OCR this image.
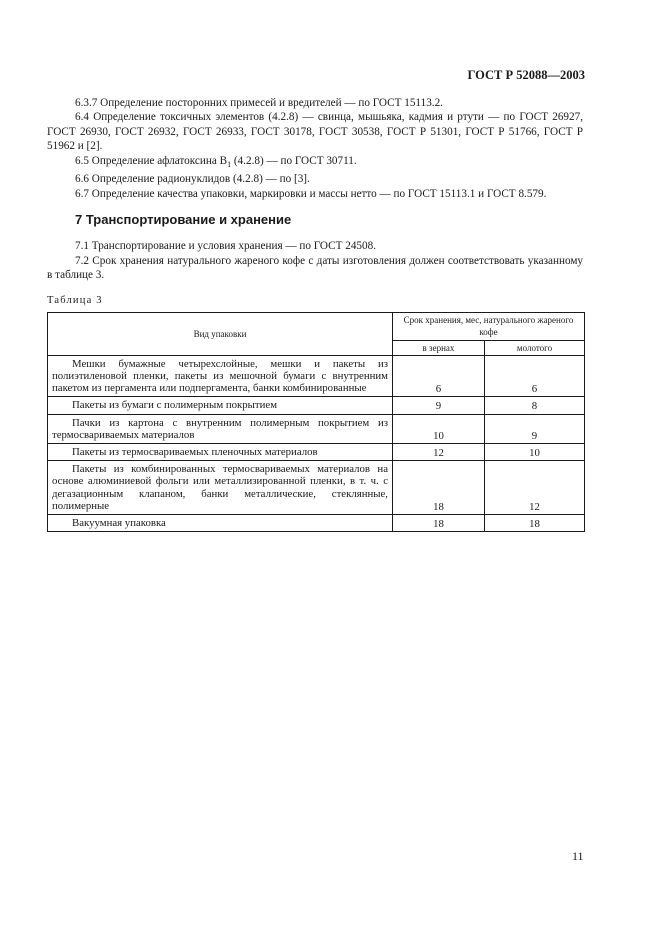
ГОСТ Р 52088—2003

6.3.7 Определение посторонних примесей и вредителей — по ГОСТ 15113.2.

6.4 Определение токсичных элементов (4.2.8) — свинца, мышьяка, кадмия и ртути — по ГОСТ 26927, ГОСТ 26930, ГОСТ 26932, ГОСТ 26933, ГОСТ 30178, ГОСТ 30538, ГОСТ Р 51301, ГОСТ Р 51766, ГОСТ Р 51962 и [2].

6.5 Определение афлатоксина $B_1$ (4.2.8) — по ГОСТ 30711.

6.6 Определение радионуклидов (4.2.8) — по [3].

6.7 Определение качества упаковки, маркировки и массы нетто — по ГОСТ 15113.1 и ГОСТ 8.579.

7 Транспортирование и хранение

7.1 Транспортирование и условия хранения — по ГОСТ 24508.

7.2 Срок хранения натурального жареного кофе с даты изготовления должен соответствовать указанному в таблице 3.

Таблица 3
Вид упаковки	Срок хранения, мес, натурального жареного кофе	
	в зернах	молотого
Мешки бумажные четырехслойные, мешки и пакеты из полиэтиленовой пленки, пакеты из мешочной бумаги с внутренним пакетом из пергамента или подпергамента, банки комбинированные	6	6
Пакеты из бумаги с полимерным покрытием	9	8
Пачки из картона с внутренним полимерным покрытием из термосвариваемых материалов	10	9
Пакеты из термосвариваемых пленочных материалов	12	10
Пакеты из комбинированных термосвариваемых материалов на основе алюминиевой фольги или металлизированной пленки, в т. ч. с дегазационным клапаном, банки металлические, стеклянные, полимерные	18	12
Вакуумная упаковка	18	18
11
